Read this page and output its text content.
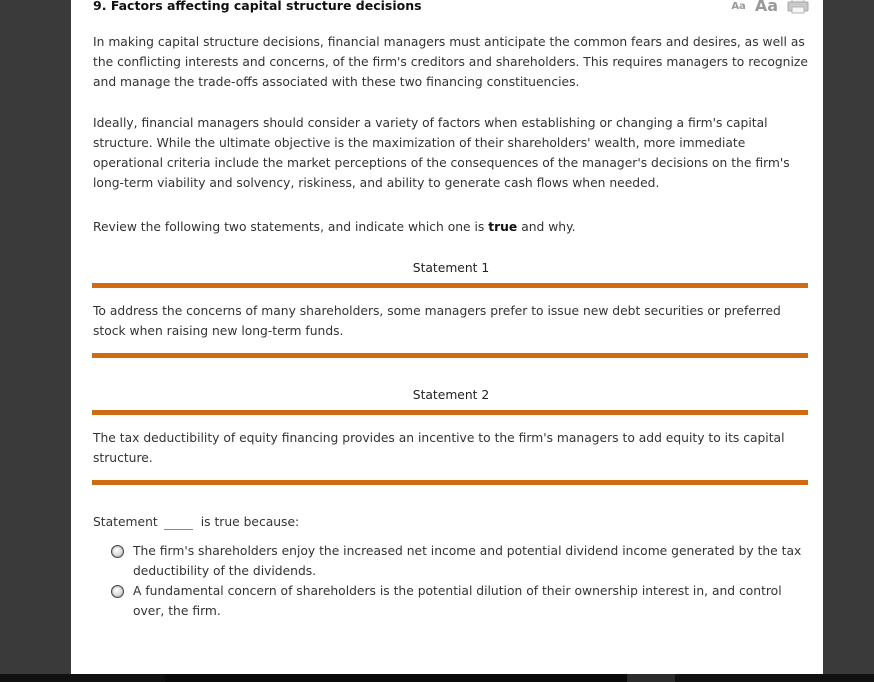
9. Factors affecting capital structure decisions	Aa Aa

In making capital structure decisions, financial managers must anticipate the common fears and desires, as well as the conflicting interests and concerns, of the firm's creditors and shareholders. This requires managers to recognize and manage the trade-offs associated with these two financing constituencies.

Ideally, financial managers should consider a variety of factors when establishing or changing a firm's capital structure. While the ultimate objective is the maximization of their shareholders' wealth, more immediate operational criteria include the market perceptions of the consequences of the manager's decisions on the firm's long-term viability and solvency, riskiness, and ability to generate cash flows when needed.

Review the following two statements, and indicate which one is true and why.

Statement 1

To address the concerns of many shareholders, some managers prefer to issue new debt securities or preferred stock when raising new long-term funds.

Statement 2

The tax deductibility of equity financing provides an incentive to the firm's managers to add equity to its capital structure.

Statement	is true because:
The firm's shareholders enjoy the increased net income and potential dividend income generated by the tax deductibility of the dividends.
A fundamental concern of shareholders is the potential dilution of their ownership interest in, and control over, the firm.
